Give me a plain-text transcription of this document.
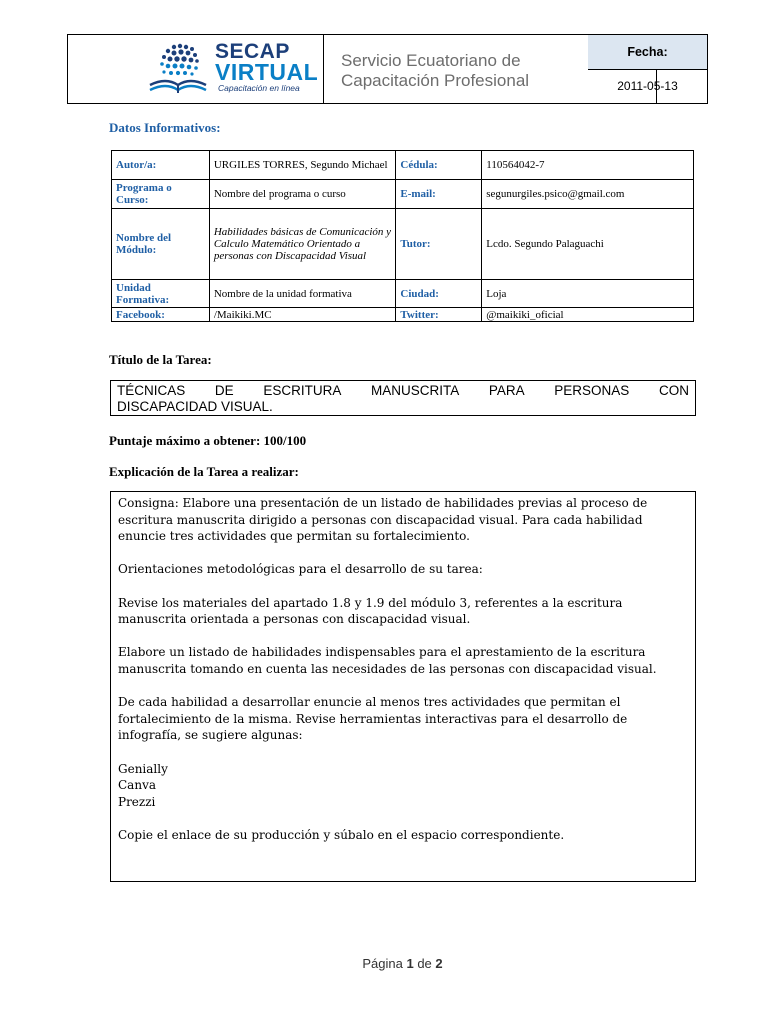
SECAP
VIRTUAL
Capacitación en línea
Servicio Ecuatoriano de
Capacitación Profesional
Fecha:
2011-05-13
Datos Informativos:
Autor/a:	URGILES TORRES, Segundo Michael	Cédula:	110564042-7
Programa o Curso:	Nombre del programa o curso	E-mail:	segunurgiles.psico@gmail.com
Nombre del Módulo:	Habilidades básicas de Comunicación y Calculo Matemático Orientado a personas con Discapacidad Visual	Tutor:	Lcdo. Segundo Palaguachi
Unidad Formativa:	Nombre de la unidad formativa	Ciudad:	Loja
Facebook:	/Maikiki.MC	Twitter:	@maikiki_oficial
Título de la Tarea:
TÉCNICAS DE ESCRITURA MANUSCRITA PARA PERSONAS CON
DISCAPACIDAD VISUAL.
Puntaje máximo a obtener: 100/100
Explicación de la Tarea a realizar:

Consigna: Elabore una presentación de un listado de habilidades previas al proceso de escritura manuscrita dirigido a personas con discapacidad visual. Para cada habilidad enuncie tres actividades que permitan su fortalecimiento.

Orientaciones metodológicas para el desarrollo de su tarea:

Revise los materiales del apartado 1.8 y 1.9 del módulo 3, referentes a la escritura manuscrita orientada a personas con discapacidad visual.

Elabore un listado de habilidades indispensables para el aprestamiento de la escritura manuscrita tomando en cuenta las necesidades de las personas con discapacidad visual.

De cada habilidad a desarrollar enuncie al menos tres actividades que permitan el fortalecimiento de la misma. Revise herramientas interactivas para el desarrollo de infografía, se sugiere algunas:

Genially

Canva

Prezzi

Copie el enlace de su producción y súbalo en el espacio correspondiente.

Página 1 de 2
